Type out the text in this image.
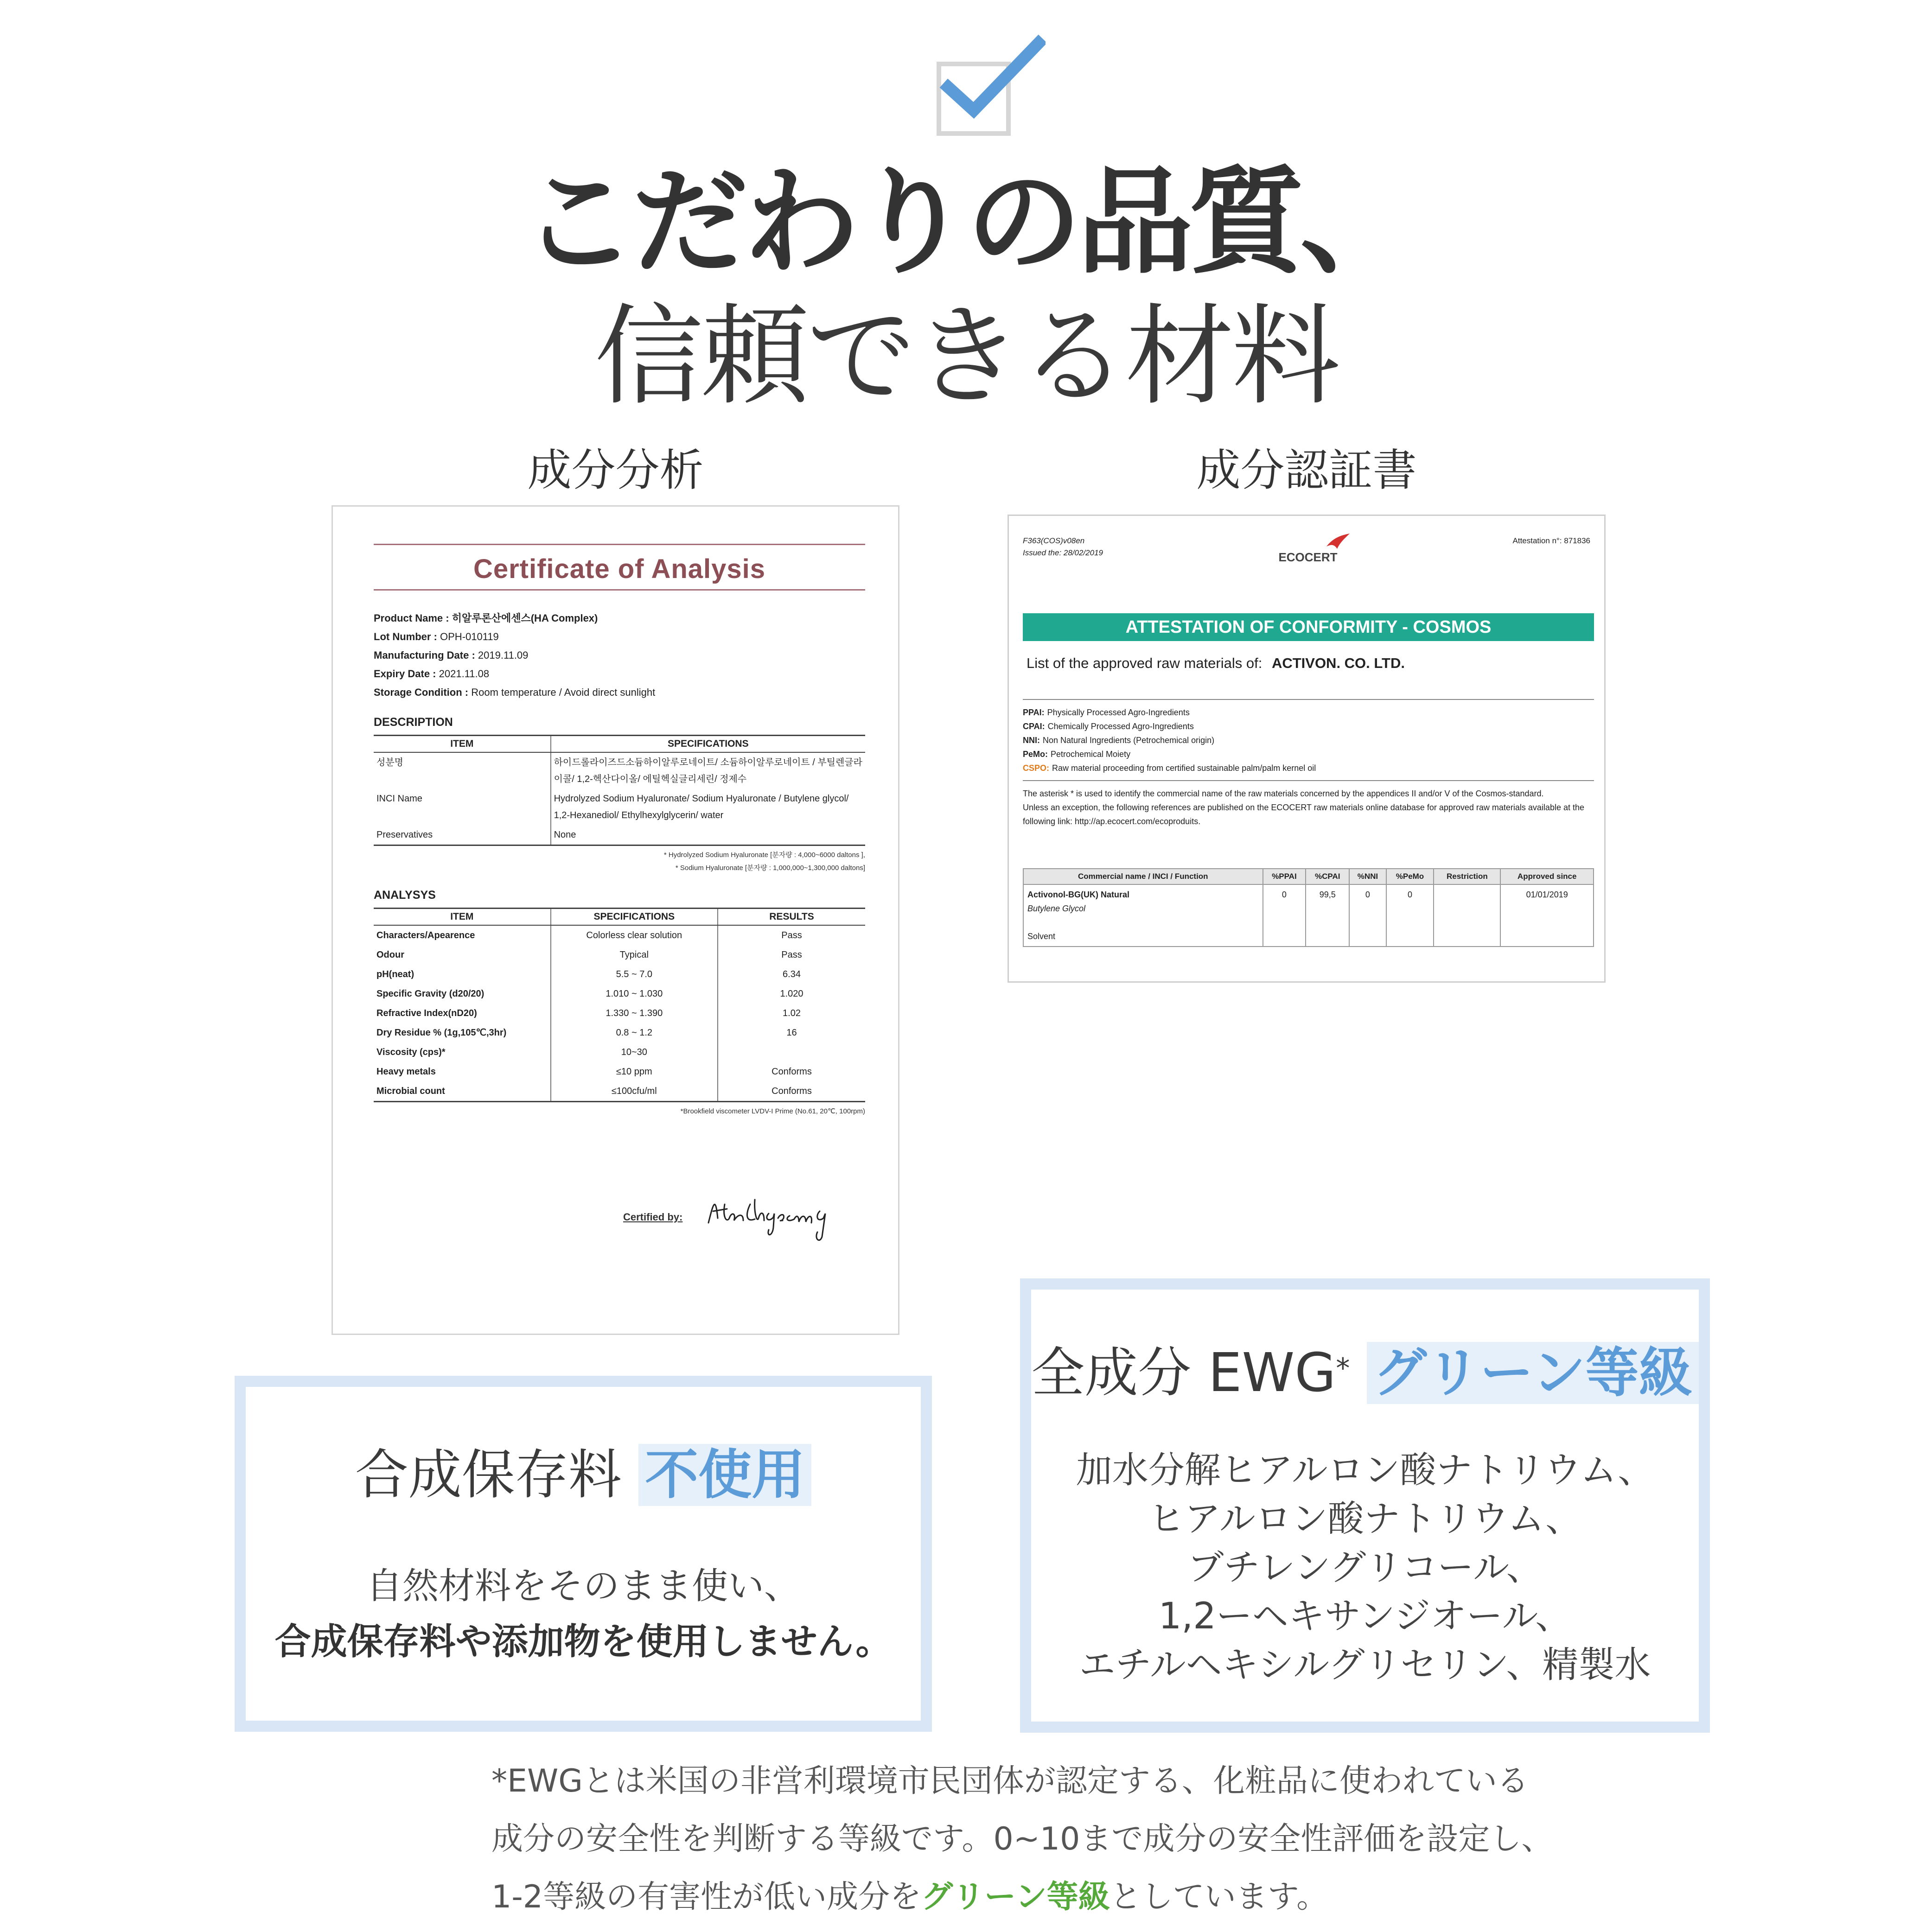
こだわりの品質、
信頼できる材料
成分分析	成分認証書
Certificate of Analysis
Product Name : 히알루론산에센스(HA Complex)
Lot Number : OPH-010119
Manufacturing Date : 2019.11.09
Expiry Date : 2021.11.08
Storage Condition : Room temperature / Avoid direct sunlight
DESCRIPTION
ITEM	SPECIFICATIONS
성분명	하이드롤라이즈드소듐하이알루로네이트/ 소듐하이알루로네이트 / 부틸렌글라이콜/ 1,2-헥산다이올/ 에틸헥실글리세린/ 정제수
INCI Name	Hydrolyzed Sodium Hyaluronate/ Sodium Hyaluronate / Butylene glycol/ 1,2-Hexanediol/ Ethylhexylglycerin/ water
Preservatives	None
* Hydrolyzed Sodium Hyaluronate [분자량 : 4,000~6000 daltons ],
* Sodium Hyaluronate [분자량 : 1,000,000~1,300,000 daltons]
ANALYSYS
ITEM	SPECIFICATIONS	RESULTS
Characters/Apearence	Colorless clear solution	Pass
Odour	Typical	Pass
pH(neat)	5.5 ~ 7.0	6.34
Specific Gravity (d20/20)	1.010 ~ 1.030	1.020
Refractive Index(nD20)	1.330 ~ 1.390	1.02
Dry Residue % (1g,105℃,3hr)	0.8 ~ 1.2	16
Viscosity (cps)*	10~30	
Heavy metals	≤10 ppm	Conforms
Microbial count	≤100cfu/ml	Conforms
*Brookfield viscometer LVDV-I Prime (No.61, 20℃, 100rpm)
Certified by:
F363(COS)v08en
Issued the: 28/02/2019	ECOCERT
Attestation n°: 871836
ATTESTATION OF CONFORMITY - COSMOS
List of the approved raw materials of: ACTIVON. CO. LTD.
PPAI: Physically Processed Agro-Ingredients
CPAI: Chemically Processed Agro-Ingredients
NNI: Non Natural Ingredients (Petrochemical origin)
PeMo: Petrochemical Moiety
CSPO: Raw material proceeding from certified sustainable palm/palm kernel oil
The asterisk * is used to identify the commercial name of the raw materials concerned by the appendices II and/or V of the Cosmos-standard.
Unless an exception, the following references are published on the ECOCERT raw materials online database for approved raw materials available at the following link: http://ap.ecocert.com/ecoproduits.
Commercial name / INCI / Function	%PPAI	%CPAI	%NNI	%PeMo	Restriction	Approved since
Activonol-BG(UK) Natural
Butylene Glycol

Solvent	0	99,5	0	0		01/01/2019
合成保存料 不使用
自然材料をそのまま使い、
合成保存料や添加物を使用しません。
全成分 EWG* グリーン等級
加水分解ヒアルロン酸ナトリウム、
ヒアルロン酸ナトリウム、
ブチレングリコール、
1,2ーヘキサンジオール、
エチルヘキシルグリセリン、精製水
*EWGとは米国の非営利環境市民団体が認定する、化粧品に使われている
成分の安全性を判断する等級です。0~10まで成分の安全性評価を設定し、
1-2等級の有害性が低い成分をグリーン等級としています。
